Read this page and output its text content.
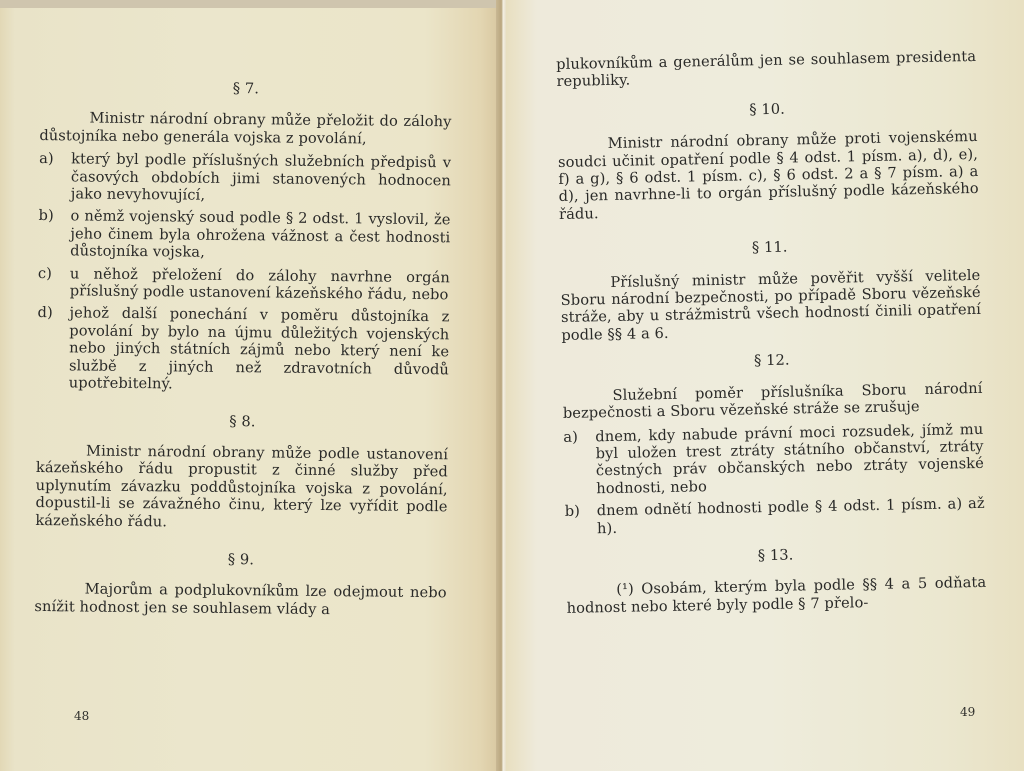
§ 7.

Ministr národní obrany může přeložit do zálohy důstojníka nebo generála vojska z povolání,

a)	který byl podle příslušných služebních předpisů v časových obdobích jimi stanovených hodnocen jako nevyhovující,
b)	o němž vojenský soud podle § 2 odst. 1 vyslovil, že jeho činem byla ohrožena vážnost a čest hodnosti důstojníka vojska,
c)	u něhož přeložení do zálohy navrhne orgán příslušný podle ustanovení kázeňského řádu, nebo
d)	jehož další ponechání v poměru důstojníka z povolání by bylo na újmu důležitých vojenských nebo jiných státních zájmů nebo který není ke službě z jiných než zdravotních důvodů upotřebitelný.
§ 8.

Ministr národní obrany může podle ustanovení kázeňského řádu propustit z činné služby před uplynutím závazku poddůstojníka vojska z povolání, dopustil-li se závažného činu, který lze vyřídit podle kázeňského řádu.

§ 9.

Majorům a podplukovníkům lze odejmout nebo snížit hodnost jen se souhlasem vlády a

48

plukovníkům a generálům jen se souhlasem presidenta republiky.

§ 10.

Ministr národní obrany může proti vojenskému soudci učinit opatření podle § 4 odst. 1 písm. a), d), e), f) a g), § 6 odst. 1 písm. c), § 6 odst. 2 a § 7 písm. a) a d), jen navrhne-li to orgán příslušný podle kázeňského řádu.

§ 11.

Příslušný ministr může pověřit vyšší velitele Sboru národní bezpečnosti, po případě Sboru vězeňské stráže, aby u strážmistrů všech hodností činili opatření podle §§ 4 a 6.

§ 12.

Služební poměr příslušníka Sboru národní bezpečnosti a Sboru vězeňské stráže se zrušuje

a)	dnem, kdy nabude právní moci rozsudek, jímž mu byl uložen trest ztráty státního občanství, ztráty čestných práv občanských nebo ztráty vojenské hodnosti, nebo
b)	dnem odnětí hodnosti podle § 4 odst. 1 písm. a) až h).
§ 13.

(¹) Osobám, kterým byla podle §§ 4 a 5 odňata hodnost nebo které byly podle § 7 přelo-

49
